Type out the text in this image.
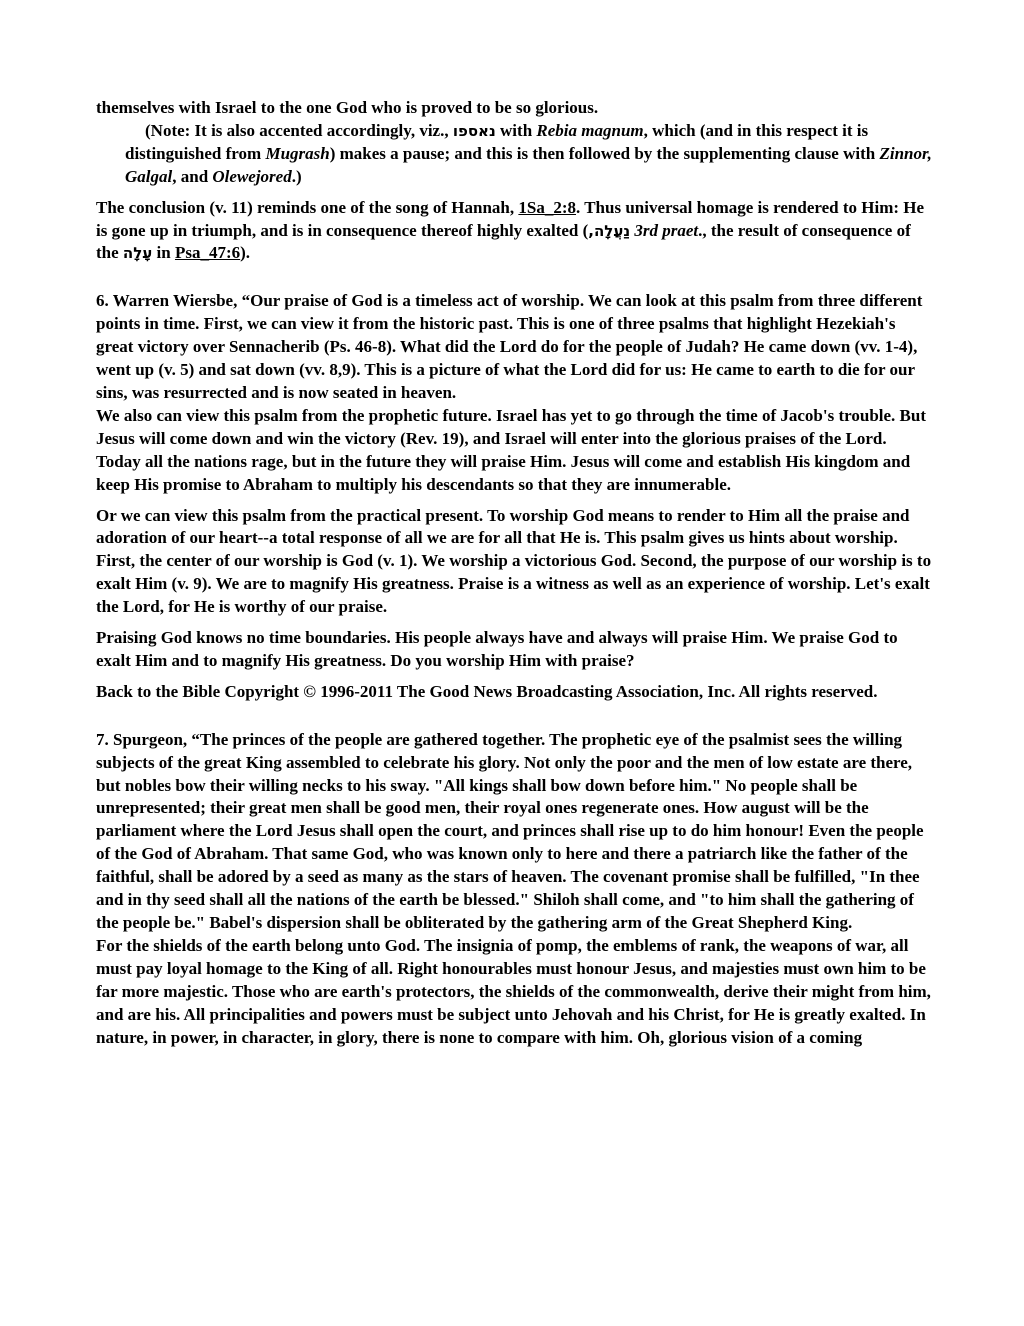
themselves with Israel to the one God who is proved to be so glorious.

(Note: It is also accented accordingly, viz., נאספו with Rebia magnum, which (and in this respect it is distinguished from Mugrash) makes a pause; and this is then followed by the supplementing clause with Zinnor, Galgal, and Olewejored.)

The conclusion (v. 11) reminds one of the song of Hannah, 1Sa_2:8. Thus universal homage is rendered to Him: He is gone up in triumph, and is in consequence thereof highly exalted (נַעֲלָה, 3rd praet., the result of consequence of the עָלָה in Psa_47:6).

6. Warren Wiersbe, “Our praise of God is a timeless act of worship. We can look at this psalm from three different points in time. First, we can view it from the historic past. This is one of three psalms that highlight Hezekiah's great victory over Sennacherib (Ps. 46-8). What did the Lord do for the people of Judah? He came down (vv. 1-4), went up (v. 5) and sat down (vv. 8,9). This is a picture of what the Lord did for us: He came to earth to die for our sins, was resurrected and is now seated in heaven.

We also can view this psalm from the prophetic future. Israel has yet to go through the time of Jacob's trouble. But Jesus will come down and win the victory (Rev. 19), and Israel will enter into the glorious praises of the Lord. Today all the nations rage, but in the future they will praise Him. Jesus will come and establish His kingdom and keep His promise to Abraham to multiply his descendants so that they are innumerable.

Or we can view this psalm from the practical present. To worship God means to render to Him all the praise and adoration of our heart--a total response of all we are for all that He is. This psalm gives us hints about worship. First, the center of our worship is God (v. 1). We worship a victorious God. Second, the purpose of our worship is to exalt Him (v. 9). We are to magnify His greatness. Praise is a witness as well as an experience of worship. Let's exalt the Lord, for He is worthy of our praise.

Praising God knows no time boundaries. His people always have and always will praise Him. We praise God to exalt Him and to magnify His greatness. Do you worship Him with praise?

Back to the Bible Copyright © 1996-2011 The Good News Broadcasting Association, Inc. All rights reserved.

7. Spurgeon, “The princes of the people are gathered together. The prophetic eye of the psalmist sees the willing subjects of the great King assembled to celebrate his glory. Not only the poor and the men of low estate are there, but nobles bow their willing necks to his sway. "All kings shall bow down before him." No people shall be unrepresented; their great men shall be good men, their royal ones regenerate ones. How august will be the parliament where the Lord Jesus shall open the court, and princes shall rise up to do him honour! Even the people of the God of Abraham. That same God, who was known only to here and there a patriarch like the father of the faithful, shall be adored by a seed as many as the stars of heaven. The covenant promise shall be fulfilled, "In thee and in thy seed shall all the nations of the earth be blessed." Shiloh shall come, and "to him shall the gathering of the people be." Babel's dispersion shall be obliterated by the gathering arm of the Great Shepherd King.

For the shields of the earth belong unto God. The insignia of pomp, the emblems of rank, the weapons of war, all must pay loyal homage to the King of all. Right honourables must honour Jesus, and majesties must own him to be far more majestic. Those who are earth's protectors, the shields of the commonwealth, derive their might from him, and are his. All principalities and powers must be subject unto Jehovah and his Christ, for He is greatly exalted. In nature, in power, in character, in glory, there is none to compare with him. Oh, glorious vision of a coming
